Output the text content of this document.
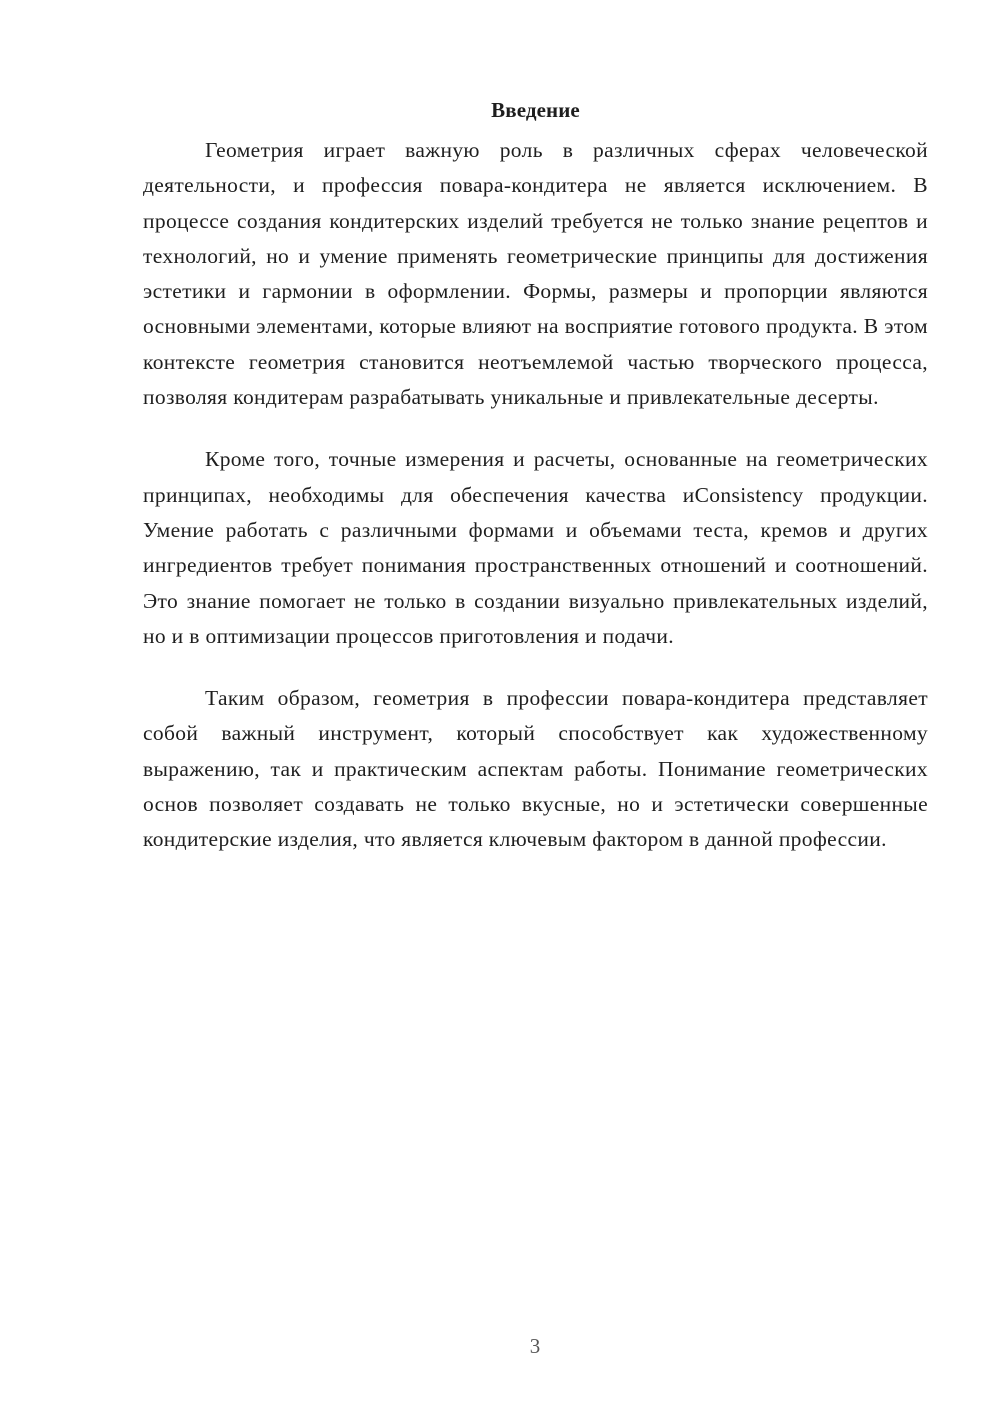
Введение

Геометрия играет важную роль в различных сферах человеческой деятельности, и профессия повара-кондитера не является исключением. В процессе создания кондитерских изделий требуется не только знание рецептов и технологий, но и умение применять геометрические принципы для достижения эстетики и гармонии в оформлении. Формы, размеры и пропорции являются основными элементами, которые влияют на восприятие готового продукта. В этом контексте геометрия становится неотъемлемой частью творческого процесса, позволяя кондитерам разрабатывать уникальные и привлекательные десерты.

Кроме того, точные измерения и расчеты, основанные на геометрических принципах, необходимы для обеспечения качества иConsistency продукции. Умение работать с различными формами и объемами теста, кремов и других ингредиентов требует понимания пространственных отношений и соотношений. Это знание помогает не только в создании визуально привлекательных изделий, но и в оптимизации процессов приготовления и подачи.

Таким образом, геометрия в профессии повара-кондитера представляет собой важный инструмент, который способствует как художественному выражению, так и практическим аспектам работы. Понимание геометрических основ позволяет создавать не только вкусные, но и эстетически совершенные кондитерские изделия, что является ключевым фактором в данной профессии.

3
